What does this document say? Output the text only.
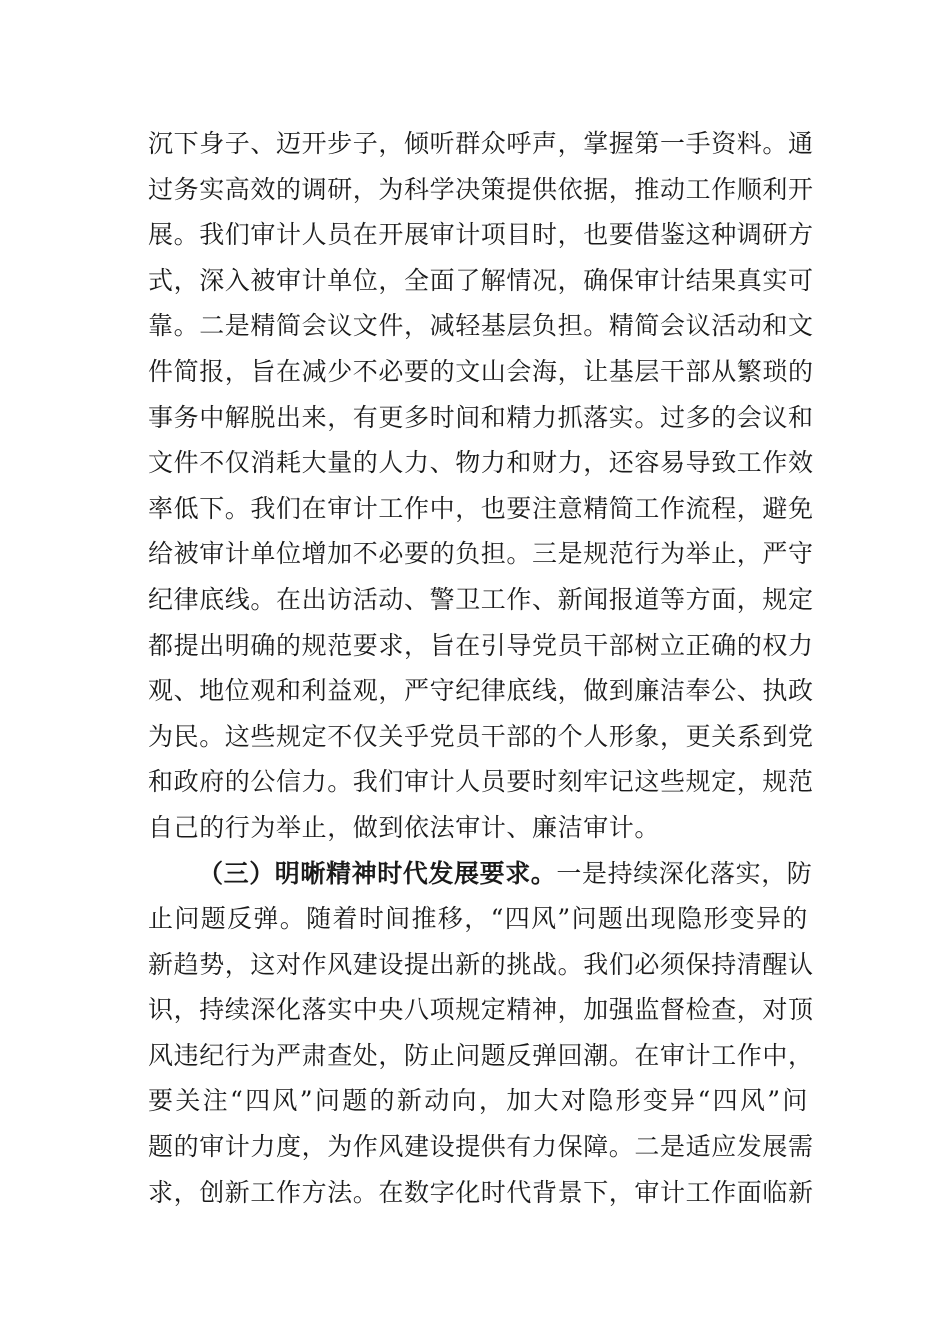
沉下身子、迈开步子，倾听群众呼声，掌握第一手资料。通
过务实高效的调研，为科学决策提供依据，推动工作顺利开
展。我们审计人员在开展审计项目时，也要借鉴这种调研方
式，深入被审计单位，全面了解情况，确保审计结果真实可
靠。二是精简会议文件，减轻基层负担。精简会议活动和文
件简报，旨在减少不必要的文山会海，让基层干部从繁琐的
事务中解脱出来，有更多时间和精力抓落实。过多的会议和
文件不仅消耗大量的人力、物力和财力，还容易导致工作效
率低下。我们在审计工作中，也要注意精简工作流程，避免
给被审计单位增加不必要的负担。三是规范行为举止，严守
纪律底线。在出访活动、警卫工作、新闻报道等方面，规定
都提出明确的规范要求，旨在引导党员干部树立正确的权力
观、地位观和利益观，严守纪律底线，做到廉洁奉公、执政
为民。这些规定不仅关乎党员干部的个人形象，更关系到党
和政府的公信力。我们审计人员要时刻牢记这些规定，规范
自己的行为举止，做到依法审计、廉洁审计。
（三）明晰精神时代发展要求。一是持续深化落实，防
止问题反弹。随着时间推移，“四风”问题出现隐形变异的
新趋势，这对作风建设提出新的挑战。我们必须保持清醒认
识，持续深化落实中央八项规定精神，加强监督检查，对顶
风违纪行为严肃查处，防止问题反弹回潮。在审计工作中，
要关注“四风”问题的新动向，加大对隐形变异“四风”问
题的审计力度，为作风建设提供有力保障。二是适应发展需
求，创新工作方法。在数字化时代背景下，审计工作面临新
